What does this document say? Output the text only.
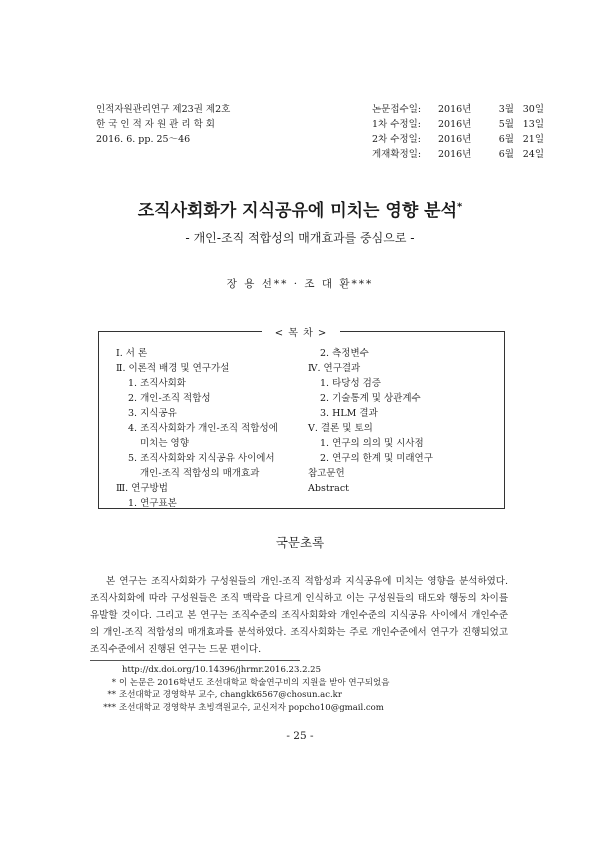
인적자원관리연구 제23권 제2호
한 국 인 적 자 원 관 리 학 회
2016. 6. pp. 25～46
논문접수일:	2016년	3월 30일
1차 수정일:	2016년	5월 13일
2차 수정일:	2016년	6월 21일
게재확정일:	2016년	6월 24일
조직사회화가 지식공유에 미치는 영향 분석*
- 개인-조직 적합성의 매개효과를 중심으로 -
장 용 선** · 조 대 환***
< 목 차 >
Ⅰ. 서 론
Ⅱ. 이론적 배경 및 연구가설
1. 조직사회화
2. 개인-조직 적합성
3. 지식공유
4. 조직사회화가 개인-조직 적합성에
미치는 영향
5. 조직사회화와 지식공유 사이에서
개인-조직 적합성의 매개효과
Ⅲ. 연구방법
1. 연구표본
2. 측정변수
Ⅳ. 연구결과
1. 타당성 검증
2. 기술통계 및 상관계수
3. HLM 결과
Ⅴ. 결론 및 토의
1. 연구의 의의 및 시사점
2. 연구의 한계 및 미래연구
참고문헌
Abstract
국문초록
본 연구는 조직사회화가 구성원들의 개인-조직 적합성과 지식공유에 미치는 영향을 분석하였다. 조직사회화에 따라 구성원들은 조직 맥락을 다르게 인식하고 이는 구성원들의 태도와 행동의 차이를 유발할 것이다. 그리고 본 연구는 조직수준의 조직사회화와 개인수준의 지식공유 사이에서 개인수준의 개인-조직 적합성의 매개효과를 분석하였다. 조직사회화는 주로 개인수준에서 연구가 진행되었고 조직수준에서 진행된 연구는 드문 편이다.
http://dx.doi.org/10.14396/jhrmr.2016.23.2.25
* 이 논문은 2016학년도 조선대학교 학술연구비의 지원을 받아 연구되었음
** 조선대학교 경영학부 교수, changkk6567@chosun.ac.kr
*** 조선대학교 경영학부 초빙객원교수, 교신저자 popcho10@gmail.com
- 25 -
